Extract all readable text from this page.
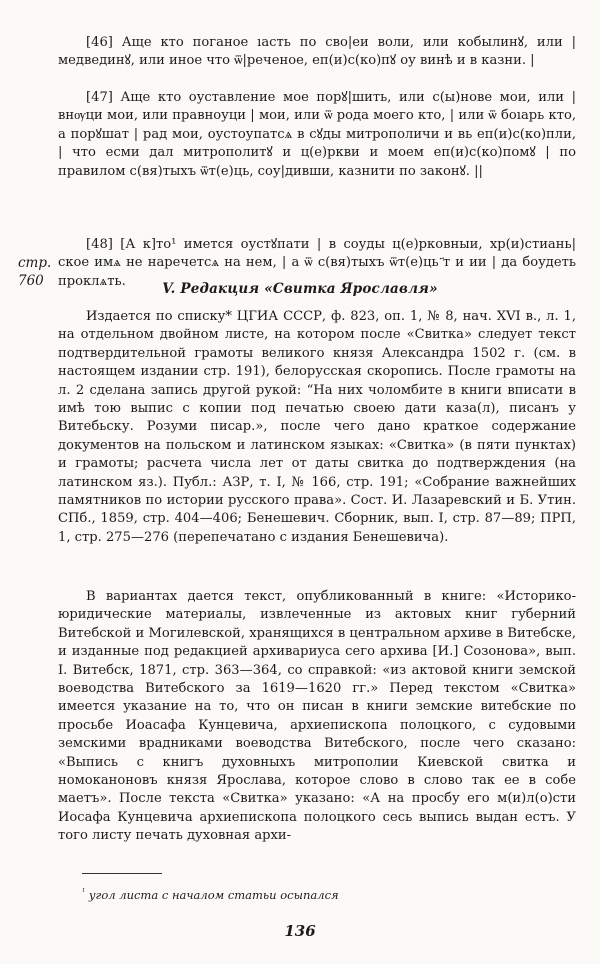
[46] Аще кто поганое ıасть по сво|еи воли, или кобылинꙋ, или | медвединꙋ, или иное что ѿ|реченое, еп(и)с(ко)пꙋ оу винѣ и в казни. |

[47] Аще кто оуставление мое порꙋ|шить, или с(ы)нове мои, или | внѹци мои, или правноуци | мои, или ѿ рода моего кто, | или ѿ боıарь кто, а порꙋшат | рад мои, оустоупатсѧ в сꙋды митрополичи и вь еп(и)с(ко)пли, | что есми дал митрополитꙋ и ц(е)ркви и моем еп(и)с(ко)помꙋ | по правилом с(вя)тыхъ ѿт(е)ць, соу|дивши, казнити по законꙋ. ||

стр. 760

[48] [А к]то¹ имется оустꙋпати | в соуды ц(е)рковныи, хр(и)стиань|ское имѧ не наречетсѧ на нем, | а ѿ с(вя)тыхъ ѿт(е)ць ҃т и ии | да боудеть проклѧть.	V. Редакция «Свитка Ярославля»

Издается по списку* ЦГИА СССР, ф. 823, оп. 1, № 8, нач. XVI в., л. 1, на отдельном двойном листе, на котором после «Свитка» следует текст подтвердительной грамоты великого князя Александра 1502 г. (см. в настоящем издании стр. 191), белорусская скоропись. После грамоты на л. 2 сделана запись другой рукой: “На них чоломбите в книги вписати в имѣ тою выпис с копии под печатью своею дати каза(л), писанъ у Витебьску. Розуми писар.», после чего дано краткое содержание документов на польском и латинском языках: «Свитка» (в пяти пунктах) и грамоты; расчета числа лет от даты свитка до подтверждения (на латинском яз.). Публ.: АЗР, т. I, № 166, стр. 191; «Собрание важнейших памятников по истории русского права». Сост. И. Лазаревский и Б. Утин. СПб., 1859, стр. 404—406; Бенешевич. Сборник, вып. I, стр. 87—89; ПРП, 1, стр. 275—276 (перепечатано с издания Бенешевича).

В вариантах дается текст, опубликованный в книге: «Историко-юридические материалы, извлеченные из актовых книг губерний Витебской и Могилевской, хранящихся в центральном архиве в Витебске, и изданные под редакцией архивариуса сего архива [И.] Созонова», вып. I. Витебск, 1871, стр. 363—364, со справкой: «из актовой книги земской воеводства Витебского за 1619—1620 гг.» Перед текстом «Свитка» имеется указание на то, что он писан в книги земские витебские по просьбе Иоасафа Кунцевича, архиепископа полоцкого, с судовыми земскими врадниками воеводства Витебского, после чего сказано: «Выпись с книгъ духовныхъ митрополии Киевской свитка и номоканоновъ князя Ярослава, которое слово в слово так ее в собе маетъ». После текста «Свитка» указано: «А на просбу его м(и)л(о)сти Иосафа Кунцевича архиепископа полоцкого сесь выпись выдан естъ. У того листу печать духовная архи-

$^{^1}$ угол листа с началом статьи осыпался
136
